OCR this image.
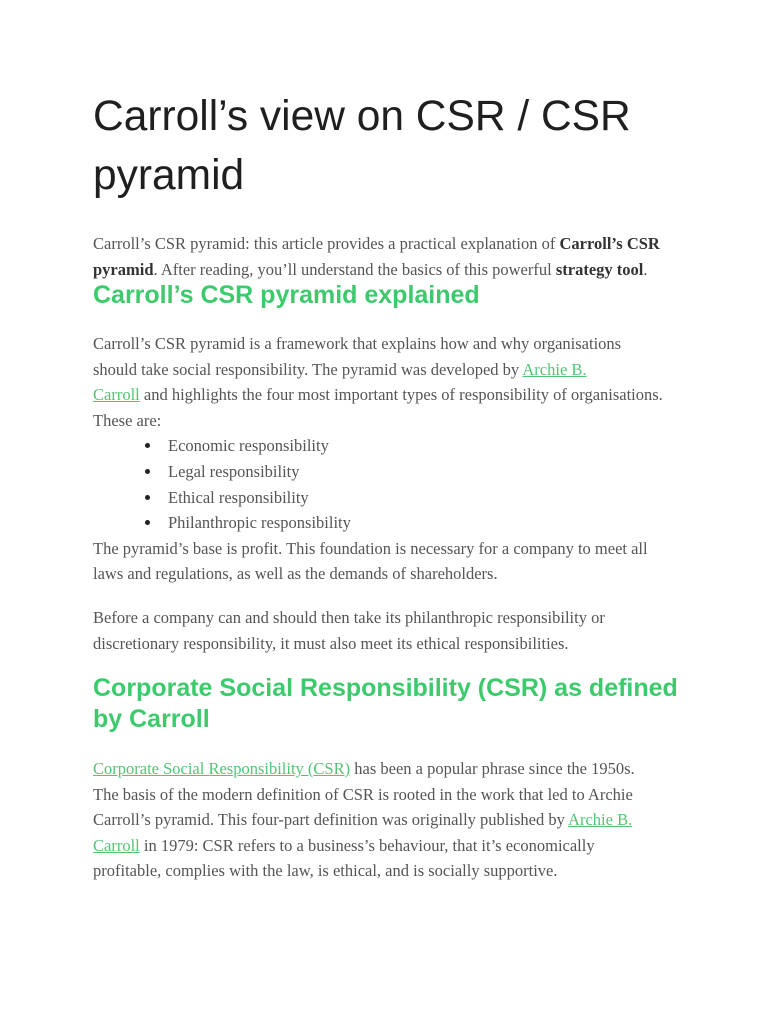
Carroll’s view on CSR / CSR pyramid

Carroll’s CSR pyramid: this article provides a practical explanation of Carroll’s CSR
pyramid. After reading, you’ll understand the basics of this powerful strategy tool.

Carroll’s CSR pyramid explained

Carroll’s CSR pyramid is a framework that explains how and why organisations
should take social responsibility. The pyramid was developed by Archie B.
Carroll and highlights the four most important types of responsibility of organisations.
These are:

Economic responsibility
Legal responsibility
Ethical responsibility
Philanthropic responsibility

The pyramid’s base is profit. This foundation is necessary for a company to meet all
laws and regulations, as well as the demands of shareholders.

Before a company can and should then take its philanthropic responsibility or
discretionary responsibility, it must also meet its ethical responsibilities.

Corporate Social Responsibility (CSR) as defined by Carroll

Corporate Social Responsibility (CSR) has been a popular phrase since the 1950s.
The basis of the modern definition of CSR is rooted in the work that led to Archie
Carroll’s pyramid. This four-part definition was originally published by Archie B.
Carroll in 1979: CSR refers to a business’s behaviour, that it’s economically
profitable, complies with the law, is ethical, and is socially supportive.
